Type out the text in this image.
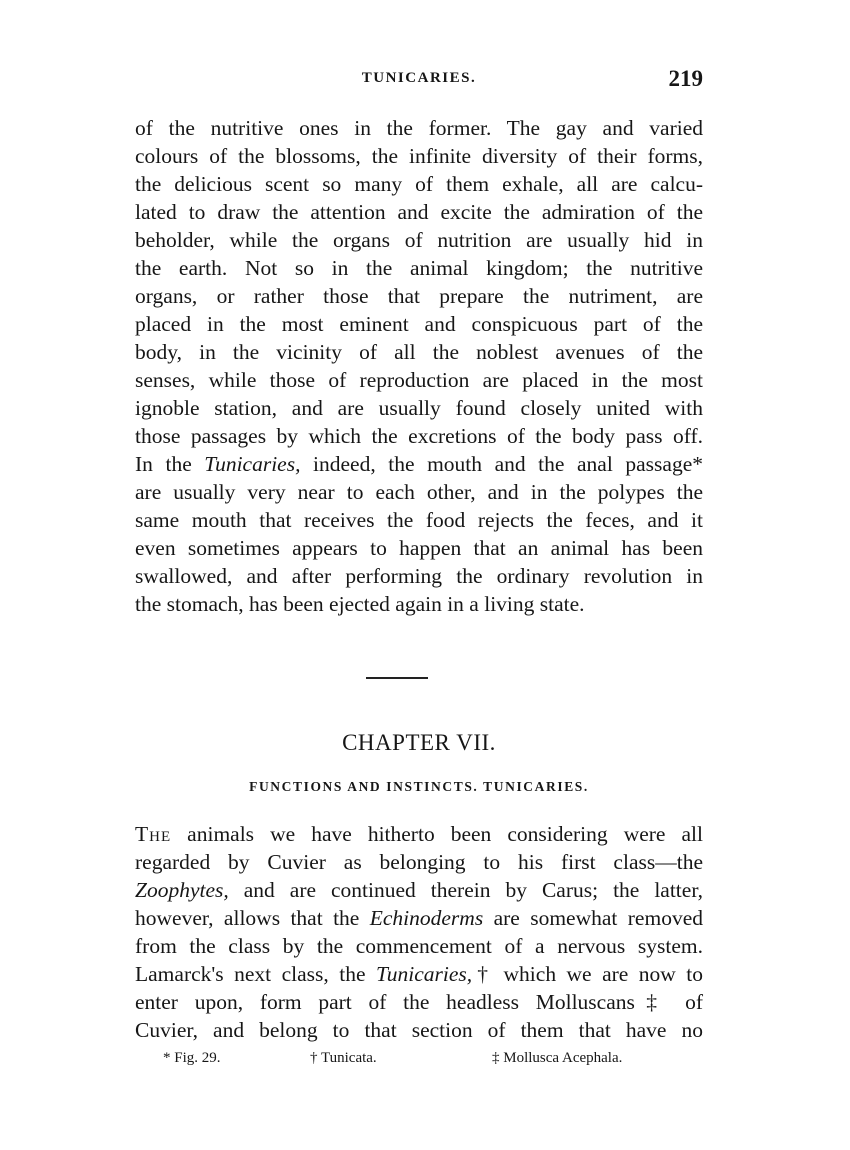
TUNICARIES.	219
of the nutritive ones in the former. The gay and varied
colours of the blossoms, the infinite diversity of their forms,
the delicious scent so many of them exhale, all are calcu-
lated to draw the attention and excite the admiration of the
beholder, while the organs of nutrition are usually hid in
the earth. Not so in the animal kingdom; the nutritive
organs, or rather those that prepare the nutriment, are
placed in the most eminent and conspicuous part of the
body, in the vicinity of all the noblest avenues of the
senses, while those of reproduction are placed in the most
ignoble station, and are usually found closely united with
those passages by which the excretions of the body pass off.
In the Tunicaries, indeed, the mouth and the anal passage*
are usually very near to each other, and in the polypes the
same mouth that receives the food rejects the feces, and it
even sometimes appears to happen that an animal has been
swallowed, and after performing the ordinary revolution in
the stomach, has been ejected again in a living state.
CHAPTER VII.
FUNCTIONS AND INSTINCTS. TUNICARIES.
The animals we have hitherto been considering were all
regarded by Cuvier as belonging to his first class—the
Zoophytes, and are continued therein by Carus; the latter,
however, allows that the Echinoderms are somewhat removed
from the class by the commencement of a nervous system.
Lamarck's next class, the Tunicaries,† which we are now to
enter upon, form part of the headless Molluscans‡ of
Cuvier, and belong to that section of them that have no
* Fig. 29.	† Tunicata.	‡ Mollusca Acephala.
